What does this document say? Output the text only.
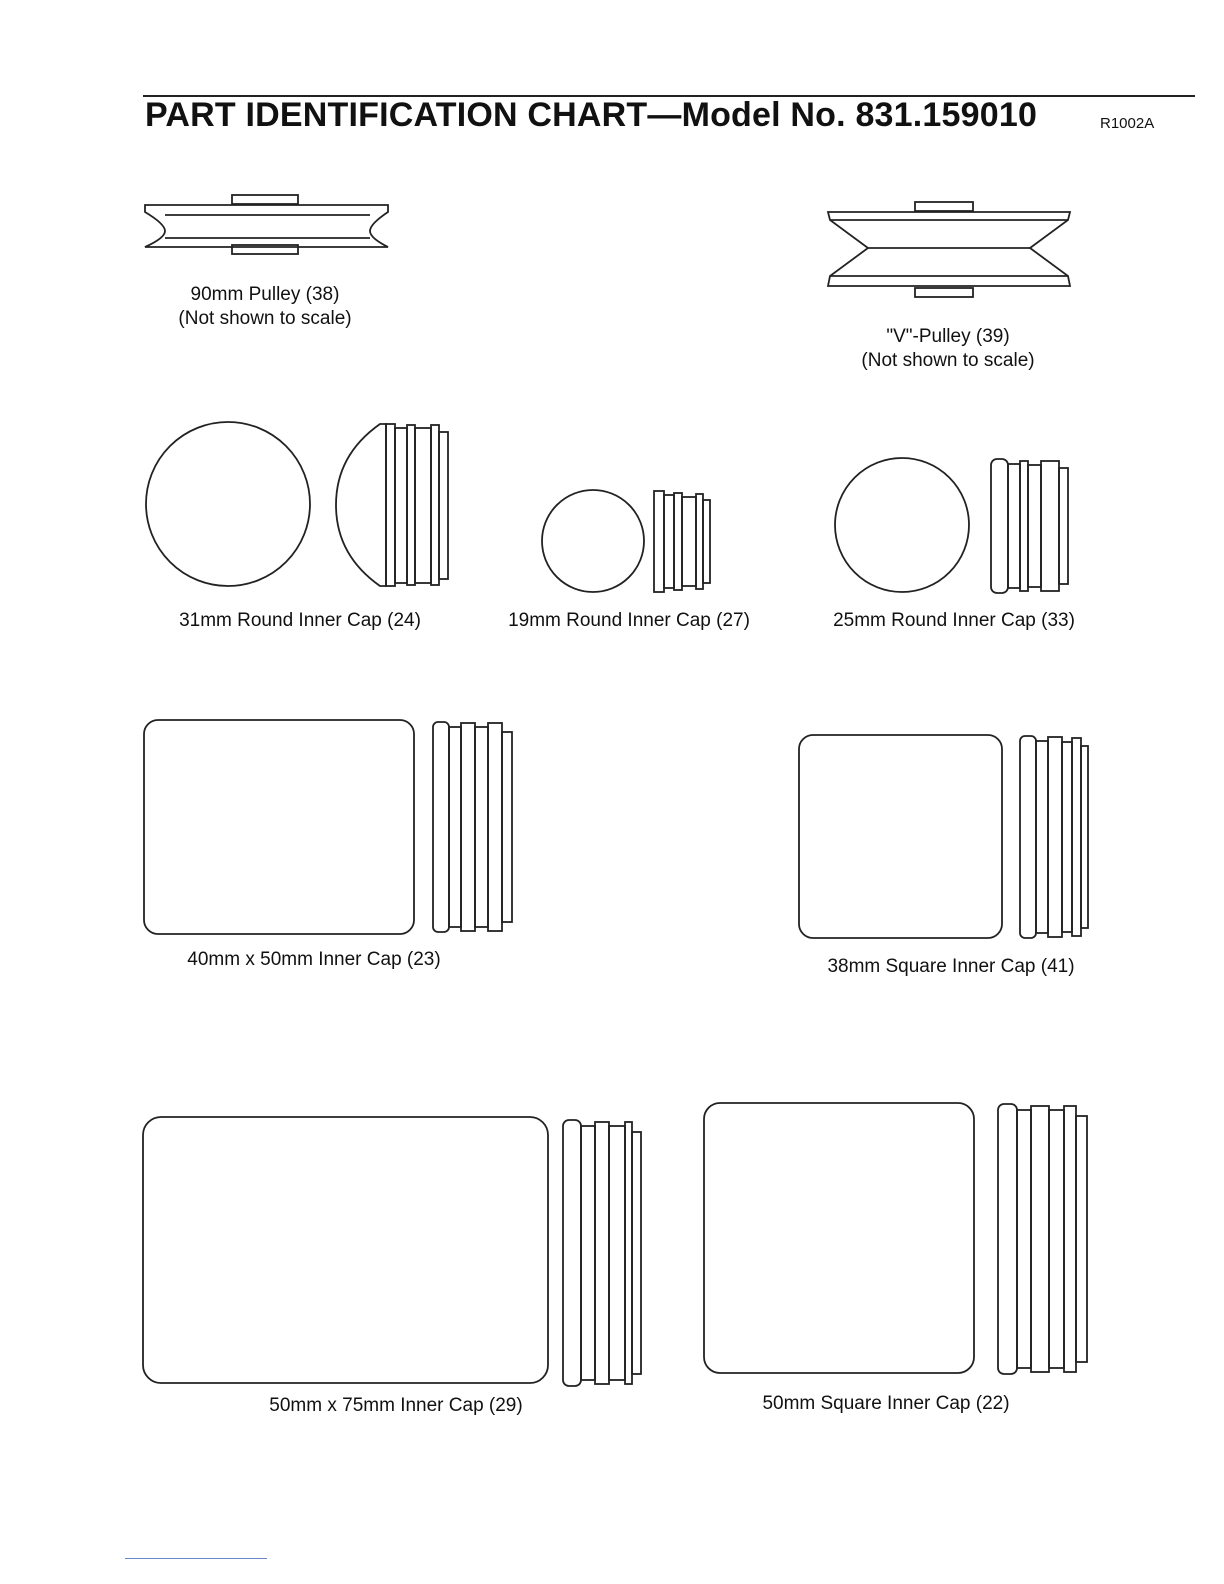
PART IDENTIFICATION CHART—Model No. 831.159010	R1002A
90mm Pulley (38)
(Not shown to scale)
"V"-Pulley (39)
(Not shown to scale)
31mm Round Inner Cap (24)	19mm Round Inner Cap (27)	25mm Round Inner Cap (33)
40mm x 50mm Inner Cap (23)	38mm Square Inner Cap (41)
50mm x 75mm Inner Cap (29)	50mm Square Inner Cap (22)
